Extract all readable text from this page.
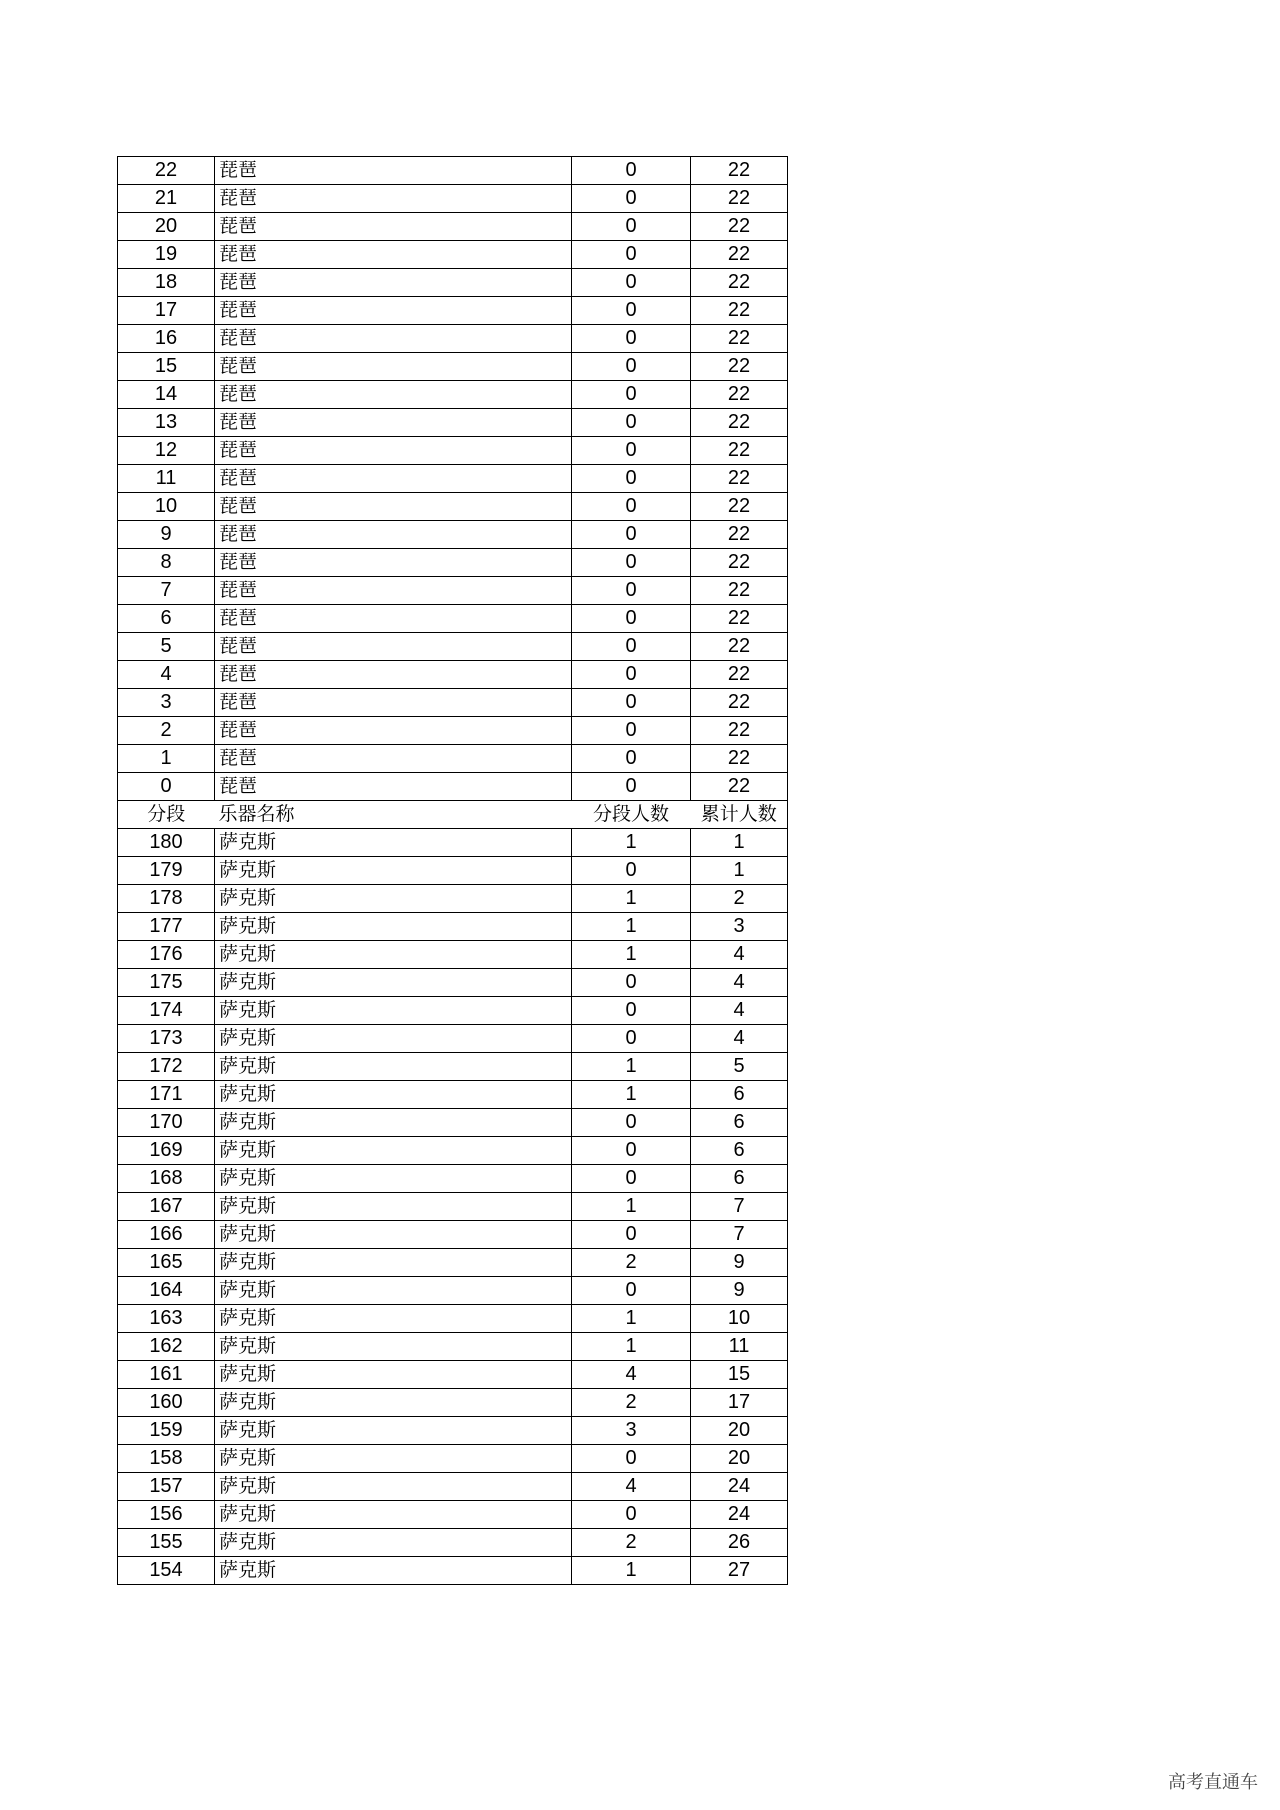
22	琵琶	0	22
21	琵琶	0	22
20	琵琶	0	22
19	琵琶	0	22
18	琵琶	0	22
17	琵琶	0	22
16	琵琶	0	22
15	琵琶	0	22
14	琵琶	0	22
13	琵琶	0	22
12	琵琶	0	22
11	琵琶	0	22
10	琵琶	0	22
9	琵琶	0	22
8	琵琶	0	22
7	琵琶	0	22
6	琵琶	0	22
5	琵琶	0	22
4	琵琶	0	22
3	琵琶	0	22
2	琵琶	0	22
1	琵琶	0	22
0	琵琶	0	22
分段	乐器名称	分段人数	累计人数
180	萨克斯	1	1
179	萨克斯	0	1
178	萨克斯	1	2
177	萨克斯	1	3
176	萨克斯	1	4
175	萨克斯	0	4
174	萨克斯	0	4
173	萨克斯	0	4
172	萨克斯	1	5
171	萨克斯	1	6
170	萨克斯	0	6
169	萨克斯	0	6
168	萨克斯	0	6
167	萨克斯	1	7
166	萨克斯	0	7
165	萨克斯	2	9
164	萨克斯	0	9
163	萨克斯	1	10
162	萨克斯	1	11
161	萨克斯	4	15
160	萨克斯	2	17
159	萨克斯	3	20
158	萨克斯	0	20
157	萨克斯	4	24
156	萨克斯	0	24
155	萨克斯	2	26
154	萨克斯	1	27
高考直通车
